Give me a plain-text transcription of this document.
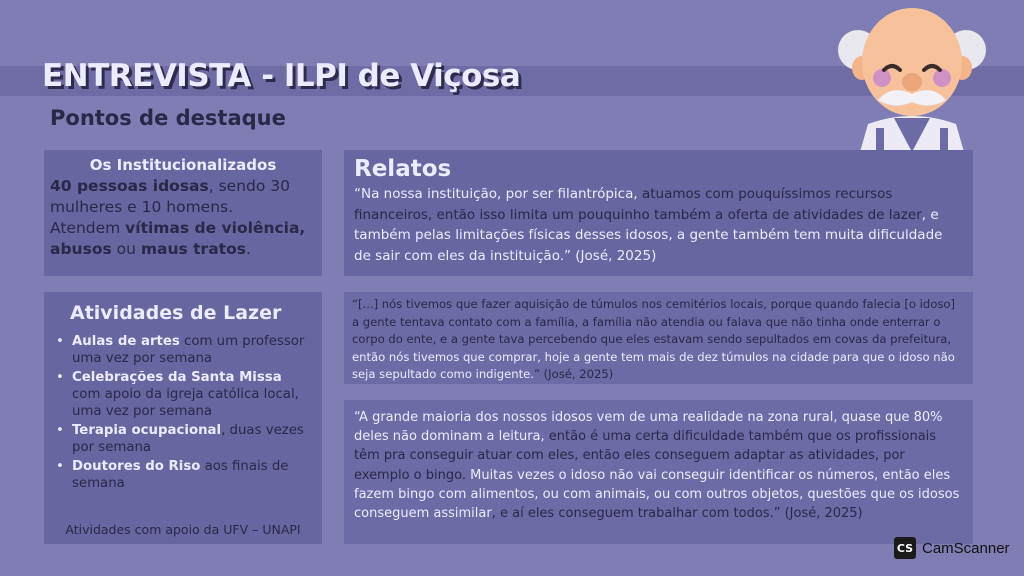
ENTREVISTA - ILPI de Viçosa
Pontos de destaque
Os Institucionalizados
40 pessoas idosas, sendo 30 mulheres e 10 homens.
Atendem vítimas de violência, abusos ou maus tratos.
Atividades de Lazer
• Aulas de artes com um professor uma vez por semana
• Celebrações da Santa Missa com apoio da igreja católica local, uma vez por semana
• Terapia ocupacional, duas vezes por semana
• Doutores do Riso aos finais de semana
Atividades com apoio da UFV – UNAPI
Relatos
“Na nossa instituição, por ser filantrópica, atuamos com pouquíssimos recursos financeiros, então isso limita um pouquinho também a oferta de atividades de lazer, e também pelas limitações físicas desses idosos, a gente também tem muita dificuldade de sair com eles da instituição.” (José, 2025)
“[...] nós tivemos que fazer aquisição de túmulos nos cemitérios locais, porque quando falecia [o idoso] a gente tentava contato com a família, a família não atendia ou falava que não tinha onde enterrar o corpo do ente, e a gente tava percebendo que eles estavam sendo sepultados em covas da prefeitura, então nós tivemos que comprar, hoje a gente tem mais de dez túmulos na cidade para que o idoso não seja sepultado como indigente.” (José, 2025)
“A grande maioria dos nossos idosos vem de uma realidade na zona rural, quase que 80% deles não dominam a leitura, então é uma certa dificuldade também que os profissionais têm pra conseguir atuar com eles, então eles conseguem adaptar as atividades, por exemplo o bingo. Muitas vezes o idoso não vai conseguir identificar os números, então eles fazem bingo com alimentos, ou com animais, ou com outros objetos, questões que os idosos conseguem assimilar, e aí eles conseguem trabalhar com todos.” (José, 2025)
CS CamScanner
